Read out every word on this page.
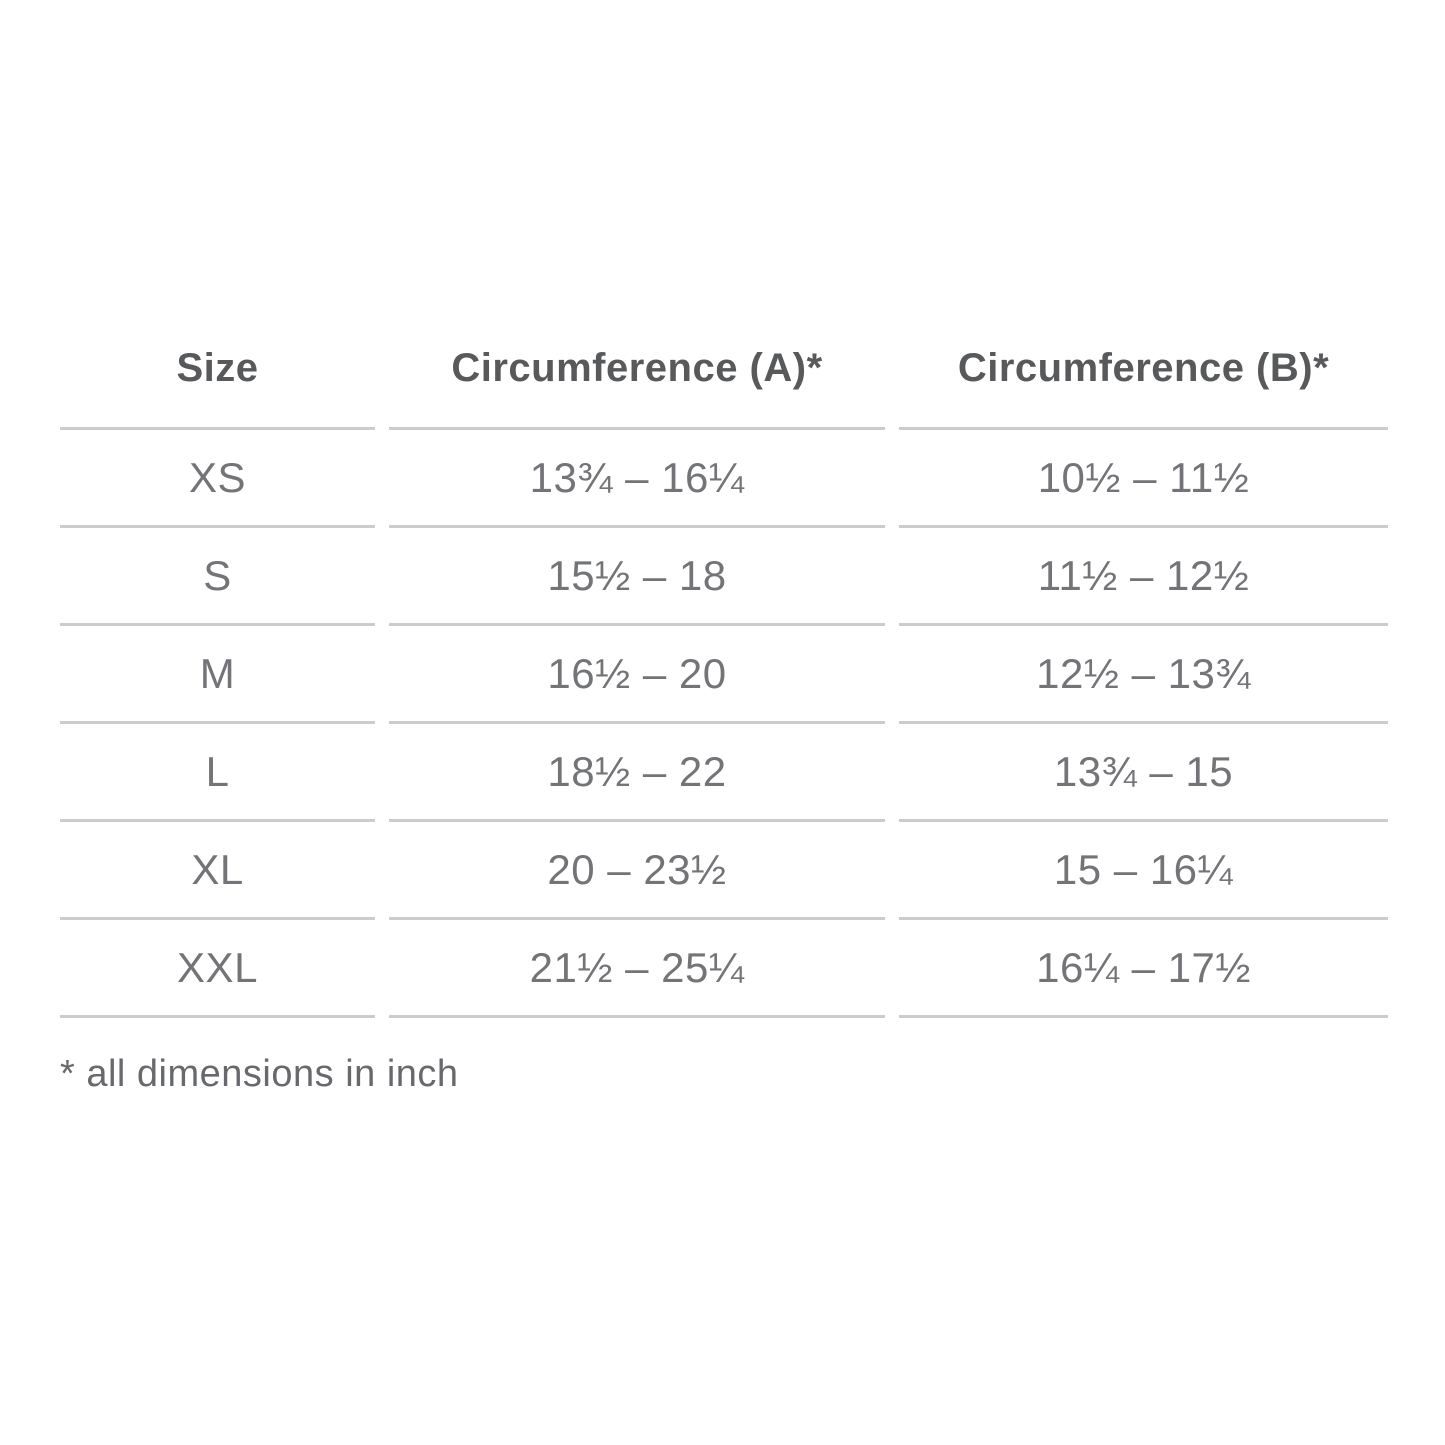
Size	Circumference (A)*	Circumference (B)*
XS	13¾ – 16¼	10½ – 11½
S	15½ – 18	11½ – 12½
M	16½ – 20	12½ – 13¾
L	18½ – 22	13¾ – 15
XL	20 – 23½	15 – 16¼
XXL	21½ – 25¼	16¼ – 17½
* all dimensions in inch
